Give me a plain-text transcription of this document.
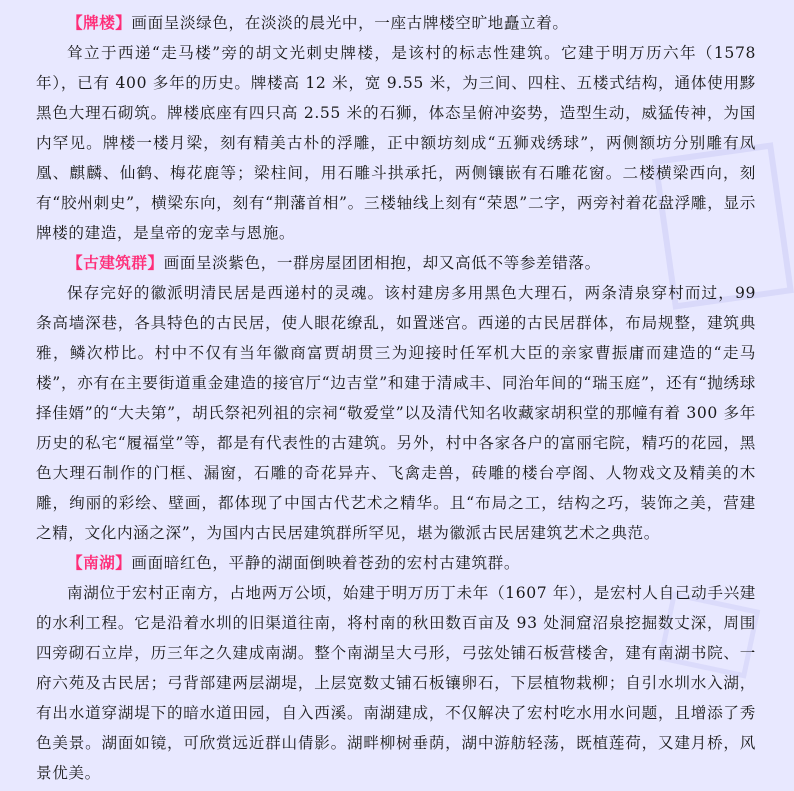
【牌楼】画面呈淡绿色，在淡淡的晨光中，一座古牌楼空旷地矗立着。

耸立于西递“走马楼”旁的胡文光刺史牌楼，是该村的标志性建筑。它建于明万历六年（1578 年），已有 400 多年的历史。牌楼高 12 米，宽 9.55 米，为三间、四柱、五楼式结构，通体使用黟黑色大理石砌筑。牌楼底座有四只高 2.55 米的石狮，体态呈俯冲姿势，造型生动，威猛传神，为国内罕见。牌楼一楼月梁，刻有精美古朴的浮雕，正中额坊刻成“五狮戏绣球”，两侧额坊分别雕有凤凰、麒麟、仙鹤、梅花鹿等；梁柱间，用石雕斗拱承托，两侧镶嵌有石雕花窗。二楼横梁西向，刻有“胶州刺史”，横梁东向，刻有“荆藩首相”。三楼轴线上刻有“荣恩”二字，两旁衬着花盘浮雕，显示牌楼的建造，是皇帝的宠幸与恩施。

【古建筑群】画面呈淡紫色，一群房屋团团相抱，却又高低不等参差错落。

保存完好的徽派明清民居是西递村的灵魂。该村建房多用黑色大理石，两条清泉穿村而过，99 条高墙深巷，各具特色的古民居，使人眼花缭乱，如置迷宫。西递的古民居群体，布局规整，建筑典雅，鳞次栉比。村中不仅有当年徽商富贾胡贯三为迎接时任军机大臣的亲家曹振庸而建造的“走马楼”，亦有在主要街道重金建造的接官厅“边吉堂”和建于清咸丰、同治年间的“瑞玉庭”，还有“抛绣球择佳婿”的“大夫第”，胡氏祭祀列祖的宗祠“敬爱堂”以及清代知名收藏家胡积堂的那幢有着 300 多年历史的私宅“履福堂”等，都是有代表性的古建筑。另外，村中各家各户的富丽宅院，精巧的花园，黑色大理石制作的门框、漏窗，石雕的奇花异卉、飞禽走兽，砖雕的楼台亭阁、人物戏文及精美的木雕，绚丽的彩绘、壁画，都体现了中国古代艺术之精华。且“布局之工，结构之巧，装饰之美，营建之精，文化内涵之深”，为国内古民居建筑群所罕见，堪为徽派古民居建筑艺术之典范。

【南湖】画面暗红色，平静的湖面倒映着苍劲的宏村古建筑群。

南湖位于宏村正南方，占地两万公顷，始建于明万历丁未年（1607 年），是宏村人自己动手兴建的水利工程。它是沿着水圳的旧渠道往南，将村南的秋田数百亩及 93 处洞窟沼泉挖掘数丈深，周围四旁砌石立岸，历三年之久建成南湖。整个南湖呈大弓形，弓弦处铺石板营楼舍，建有南湖书院、一府六苑及古民居；弓背部建两层湖堤，上层宽数丈铺石板镶卵石，下层植物栽柳；自引水圳水入湖，有出水道穿湖堤下的暗水道田园，自入西溪。南湖建成，不仅解决了宏村吃水用水问题，且增添了秀色美景。湖面如镜，可欣赏远近群山倩影。湖畔柳树垂荫，湖中游舫轻荡，既植莲荷，又建月桥，风景优美。
